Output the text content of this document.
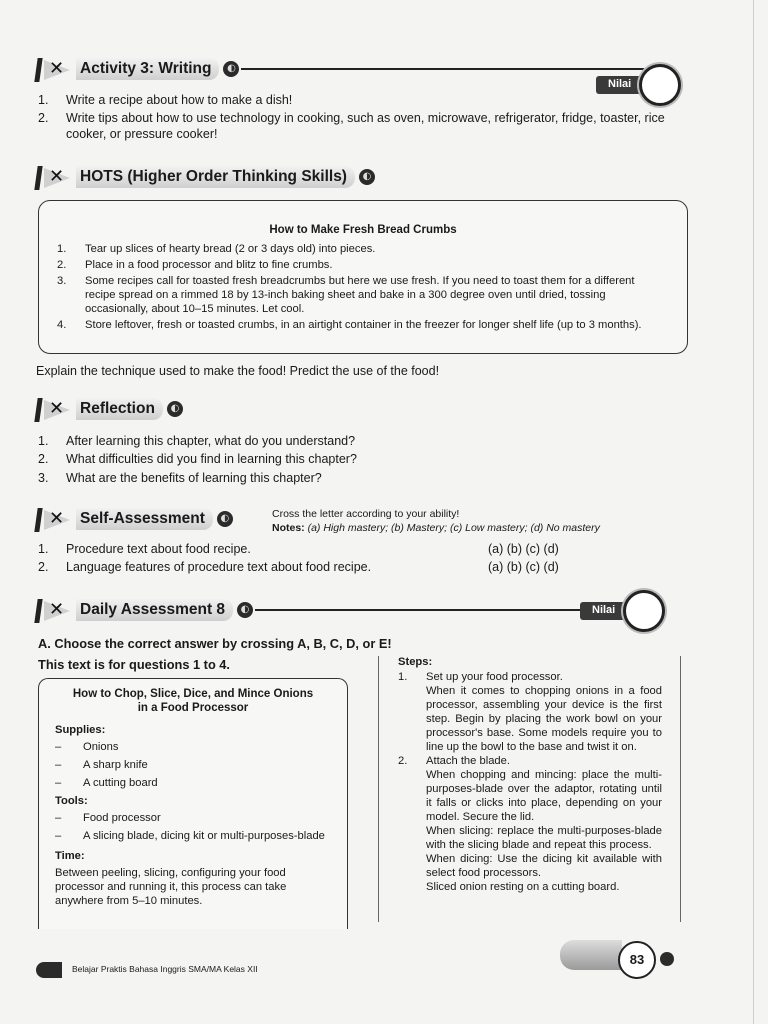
✕ Activity 3: Writing	◐
Nilai
1.	Write a recipe about how to make a dish!
2.	Write tips about how to use technology in cooking, such as oven, microwave, refrigerator, fridge, toaster, rice cooker, or pressure cooker!
✕ HOTS (Higher Order Thinking Skills)	◐
How to Make Fresh Bread Crumbs
1.	Tear up slices of hearty bread (2 or 3 days old) into pieces.
2.	Place in a food processor and blitz to fine crumbs.
3.	Some recipes call for toasted fresh breadcrumbs but here we use fresh. If you need to toast them for a different recipe spread on a rimmed 18 by 13-inch baking sheet and bake in a 300 degree oven until dried, tossing occasionally, about 10–15 minutes. Let cool.
4.	Store leftover, fresh or toasted crumbs, in an airtight container in the freezer for longer shelf life (up to 3 months).
Explain the technique used to make the food! Predict the use of the food!
✕ Reflection	◐
1.	After learning this chapter, what do you understand?
2.	What difficulties did you find in learning this chapter?
3.	What are the benefits of learning this chapter?
✕ Self-Assessment	◐	Cross the letter according to your ability!
Notes: (a) High mastery; (b) Mastery; (c) Low mastery; (d) No mastery
1.	Procedure text about food recipe.	(a) (b) (c) (d)
2.	Language features of procedure text about food recipe.	(a) (b) (c) (d)
✕ Daily Assessment 8	◐	Nilai
A. Choose the correct answer by crossing A, B, C, D, or E!
This text is for questions 1 to 4.
How to Chop, Slice, Dice, and Mince Onions in a Food Processor
Supplies:
–	Onions
–	A sharp knife
–	A cutting board
Tools:
–	Food processor
–	A slicing blade, dicing kit or multi-purposes-blade
Time:
Between peeling, slicing, configuring your food processor and running it, this process can take anywhere from 5–10 minutes.
Steps:
1.	Set up your food processor.
When it comes to chopping onions in a food processor, assembling your device is the first step. Begin by placing the work bowl on your processor's base. Some models require you to line up the bowl to the base and twist it on.
2.	Attach the blade.
When chopping and mincing: place the multi-purposes-blade over the adaptor, rotating until it falls or clicks into place, depending on your model. Secure the lid.
When slicing: replace the multi-purposes-blade with the slicing blade and repeat this process.
When dicing: Use the dicing kit available with select food processors.
Sliced onion resting on a cutting board.
Belajar Praktis Bahasa Inggris SMA/MA Kelas XII
83
